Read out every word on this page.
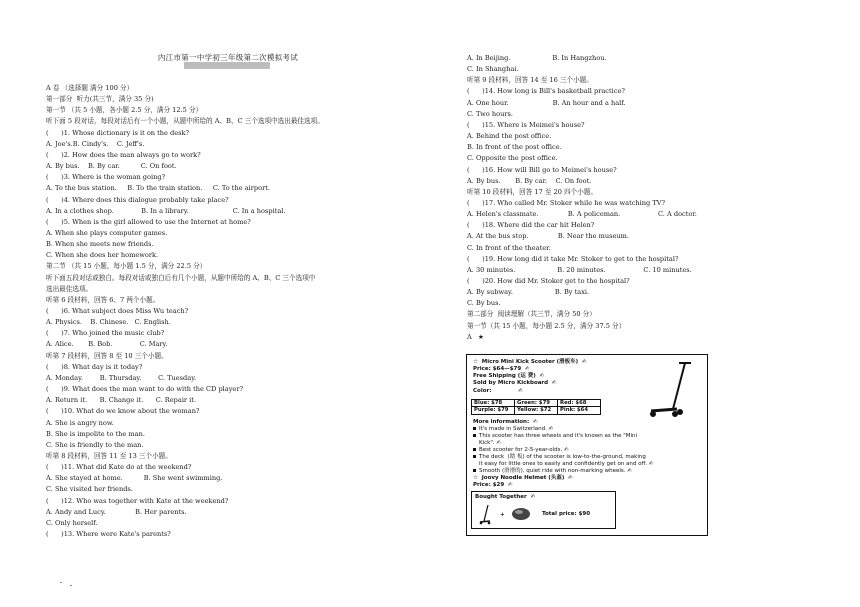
内江市第一中学初三年级第二次模拟考试
A 卷 （选择题 满分 100 分）
第一部分  听力(共三节，满分 35 分)
第一节 （共 5 小题，各小题 2.5 分，满分 12.5 分）
听下面 5 段对话，每段对话后有一个小题，从题中所给的 A、B、C 三个选项中选出最佳选项。
(      )1. Whose dictionary is it on the desk?
A. Joe's.B. Cindy's.    C. Jeff's.
(      )2. How does the man always go to work?
A. By bus.    B. By car.          C. On foot.
(      )3. Where is the woman going?
A. To the bus station.     B. To the train station.     C. To the airport.
(      )4. Where does this dialogue probably take place?
A. In a clothes shop.             B. In a library.                     C. In a hospital.
(      )5. When is the girl allowed to use the Internet at home?
A. When she plays computer games.
B. When she meets new friends.
C. When she does her homework.
第二节 （共 15 小题，每小题 1.5 分，满分 22.5 分）
听下面五段对话或独白。每段对话或独白后有几个小题，从题中所给的 A、B、C 三个选项中
选出最佳选项。
听第 6 段材料，回答 6、7 两个小题。
(      )6. What subject does Miss Wu teach?
A. Physics.    B. Chinese.   C. English.
(      )7. Who joined the music club?
A. Alice.       B. Bob.             C. Mary.
听第 7 段材料，回答 8 至 10 三个小题。
(      )8. What day is it today?
A. Monday.        B. Thursday.        C. Tuesday.
(      )9. What does the man want to do with the CD player?
A. Return it.      B. Change it.      C. Repair it.
(      )10. What do we know about the woman?
A. She is angry now.
B. She is impolite to the man.
C. She is friendly to the man.
听第 8 段材料，回答 11 至 13 三个小题。
(      )11. What did Kate do at the weekend?
A. She stayed at home.          B. She went swimming.
C. She visited her friends.
(      )12. Who was together with Kate at the weekend?
A. Andy and Lucy.              B. Her parents.
C. Only herself.
(      )13. Where were Kate's parents?
A. In Beijing.                    B. In Hangzhou.
C. In Shanghai.
听第 9 段材料，回答 14 至 16 三个小题。
(      )14. How long is Bill's basketball practice?
A. One hour.                     B. An hour and a half.
C. Two hours.
(      )15. Where is Meimei's house?
A. Behind the post office.
B. In front of the post office.
C. Opposite the post office.
(      )16. How will Bill go to Meimei's house?
A. By bus.       B. By car.    C. On foot.
听第 10 段材料，回答 17 至 20 四个小题。
(      )17. Who called Mr. Stoker while he was watching TV?
A. Helen's classmate.              B. A policeman.                  C. A doctor.
(      )18. Where did the car hit Helen?
A. At the bus stop.              B. Near the museum.
C. In front of the theater.
(      )19. How long did it take Mr. Stoker to get to the hospital?
A. 30 minutes.                    B. 20 minutes.                  C. 10 minutes.
(      )20. How did Mr. Stoker get to the hospital?
A. By subway.                    B. By taxi.
C. By bus.
第二部分  阅读理解（共三节，满分 50 分）
第一节（共 15 小题，每小题 2.5 分，满分 37.5 分）
A   ★
☆  Micro Mini Kick Scooter (滑板车)  ✍
Price: $64—$79  ✍
Free Shipping (运 费)  ✍
Sold by Micro Kickboard  ✍
Color:              ✍
Blue: $78	Green: $79	Red: $68
Purple: $79	Yellow: $72	Pink: $64
More information:  ✍
It's made in Switzerland. ✍
This scooter has three wheels and it's known as the "Mini
Kick". ✍
Best scooter for 2-5-year-olds. ✍
The deck  (踏 板) of the scooter is low-to-the-ground, making
it easy for little ones to easily and confidently get on and off. ✍
Smooth (滑滑的), quiet ride with non-marking wheels. ✍
☆  Joovy Noodle Helmet (头盔)  ✍
Price: $29  ✍
Bought Together  ✍
+	Total price: $90
